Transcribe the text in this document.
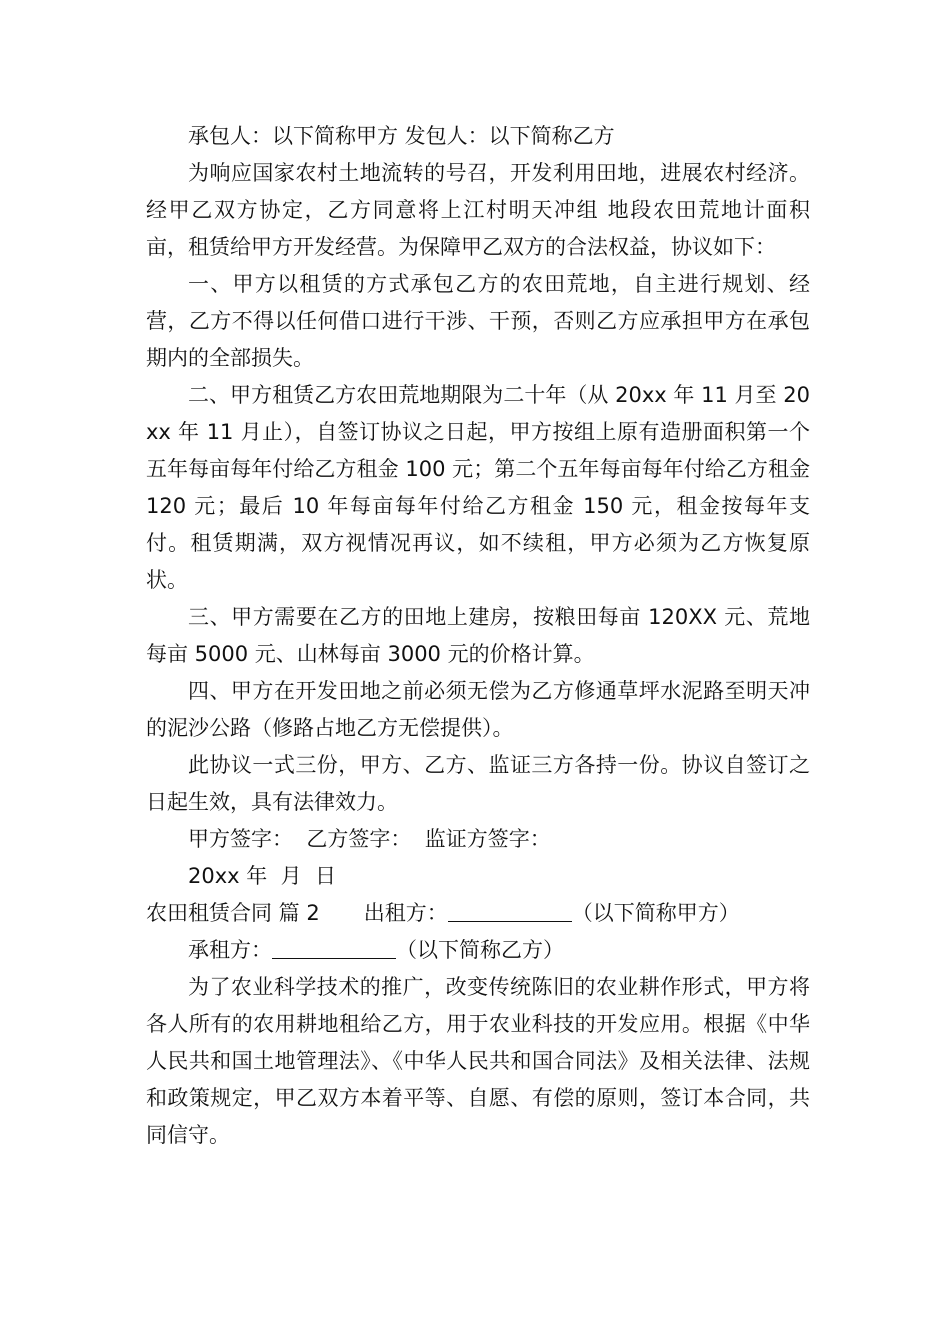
承包人：以下简称甲方 发包人：以下简称乙方

为响应国家农村土地流转的号召，开发利用田地，进展农村经济。经甲乙双方协定，乙方同意将上江村明天冲组 地段农田荒地计面积 亩，租赁给甲方开发经营。为保障甲乙双方的合法权益，协议如下：

一、甲方以租赁的方式承包乙方的农田荒地，自主进行规划、经营，乙方不得以任何借口进行干涉、干预，否则乙方应承担甲方在承包期内的全部损失。

二、甲方租赁乙方农田荒地期限为二十年（从 20xx 年 11 月至 20xx 年 11 月止），自签订协议之日起，甲方按组上原有造册面积第一个五年每亩每年付给乙方租金 100 元；第二个五年每亩每年付给乙方租金 120 元；最后 10 年每亩每年付给乙方租金 150 元，租金按每年支付。租赁期满，双方视情况再议，如不续租，甲方必须为乙方恢复原状。

三、甲方需要在乙方的田地上建房，按粮田每亩 120XX 元、荒地每亩 5000 元、山林每亩 3000 元的价格计算。

四、甲方在开发田地之前必须无偿为乙方修通草坪水泥路至明天冲的泥沙公路（修路占地乙方无偿提供）。

此协议一式三份，甲方、乙方、监证三方各持一份。协议自签订之日起生效，具有法律效力。

甲方签字：  乙方签字：  监证方签字：

20xx 年  月  日

农田租赁合同 篇 2 出租方：	（以下简称甲方）

承租方：	（以下简称乙方）

为了农业科学技术的推广，改变传统陈旧的农业耕作形式，甲方将各人所有的农用耕地租给乙方，用于农业科技的开发应用。根据《中华人民共和国土地管理法》、《中华人民共和国合同法》及相关法律、法规和政策规定，甲乙双方本着平等、自愿、有偿的原则，签订本合同，共同信守。
